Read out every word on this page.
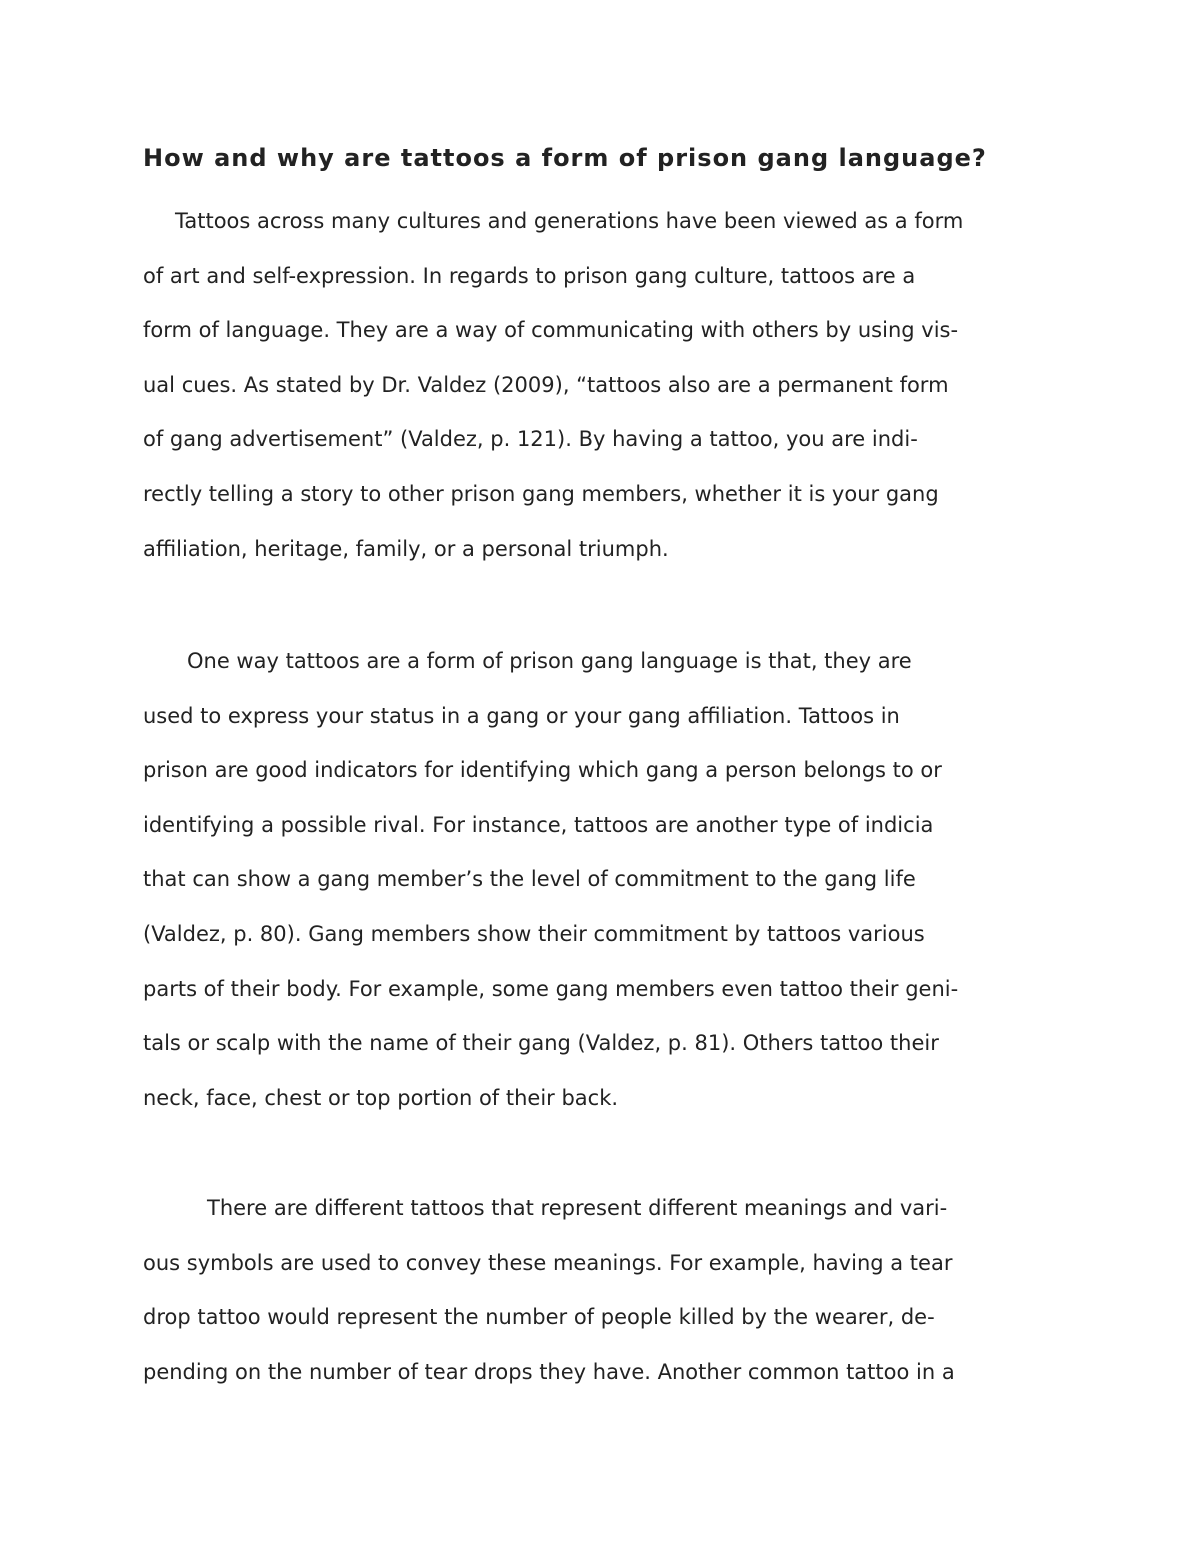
How and why are tattoos a form of prison gang language?

Tattoos across many cultures and generations have been viewed as a form
of art and self-expression. In regards to prison gang culture, tattoos are a
form of language. They are a way of communicating with others by using vis-
ual cues. As stated by Dr. Valdez (2009), “tattoos also are a permanent form
of gang advertisement” (Valdez, p. 121). By having a tattoo, you are indi-
rectly telling a story to other prison gang members, whether it is your gang
affiliation, heritage, family, or a personal triumph.

One way tattoos are a form of prison gang language is that, they are
used to express your status in a gang or your gang affiliation. Tattoos in
prison are good indicators for identifying which gang a person belongs to or
identifying a possible rival. For instance, tattoos are another type of indicia
that can show a gang member’s the level of commitment to the gang life
(Valdez, p. 80). Gang members show their commitment by tattoos various
parts of their body. For example, some gang members even tattoo their geni-
tals or scalp with the name of their gang (Valdez, p. 81). Others tattoo their
neck, face, chest or top portion of their back.

There are different tattoos that represent different meanings and vari-
ous symbols are used to convey these meanings. For example, having a tear
drop tattoo would represent the number of people killed by the wearer, de-
pending on the number of tear drops they have. Another common tattoo in a
